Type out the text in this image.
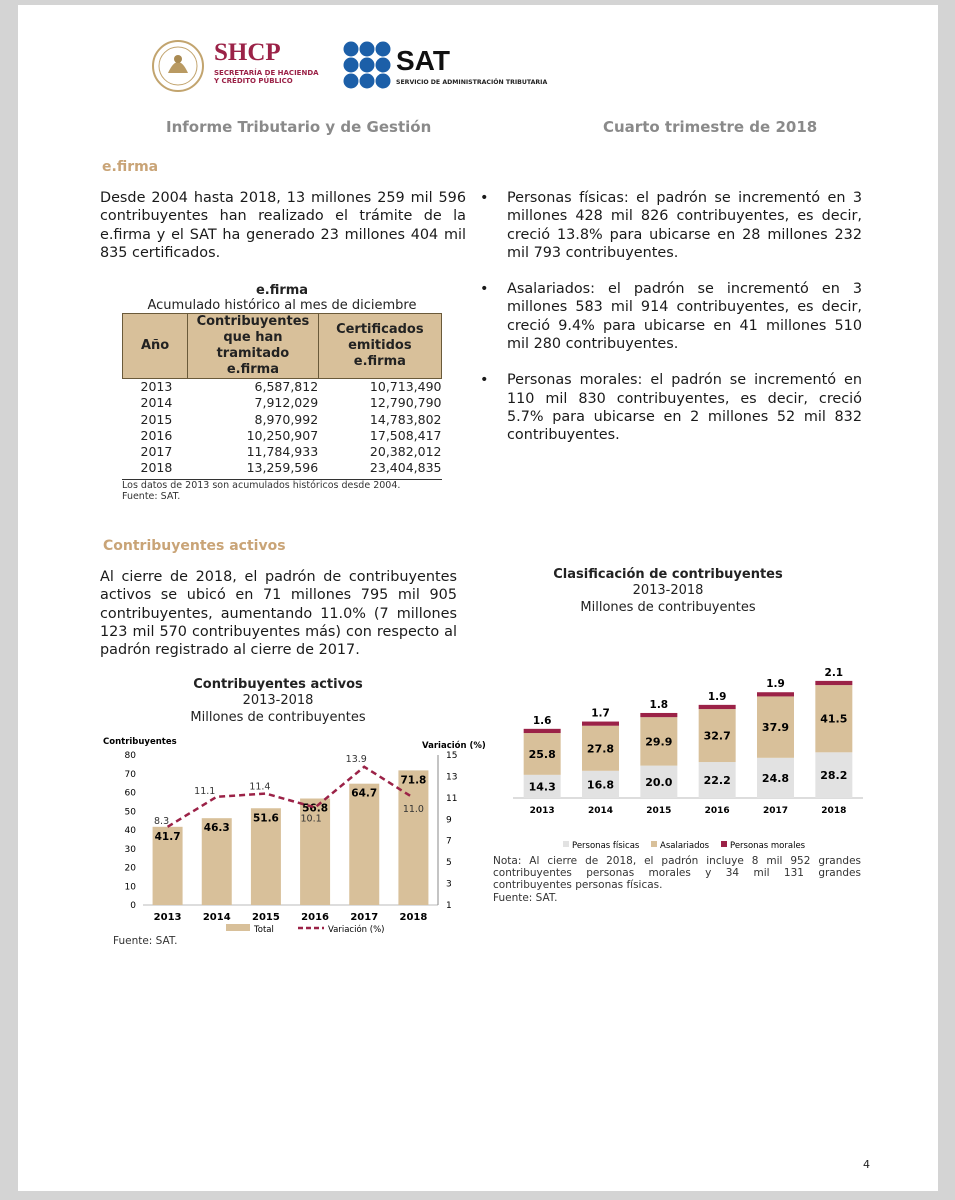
SHCP
SECRETARÍA DE HACIENDA Y CRÉDITO PÚBLICO
SAT
SERVICIO DE ADMINISTRACIÓN TRIBUTARIA
Informe Tributario y de Gestión	Cuarto trimestre de 2018
e.firma
Desde 2004 hasta 2018, 13 millones 259 mil 596 contribuyentes han realizado el trámite de la e.firma y el SAT ha generado 23 millones 404 mil 835 certificados.
e.firma
Acumulado histórico al mes de diciembre
Año	Contribuyentes que han tramitado e.firma	Certificados emitidos e.firma
2013	6,587,812	10,713,490
2014	7,912,029	12,790,790
2015	8,970,992	14,783,802
2016	10,250,907	17,508,417
2017	11,784,933	20,382,012
2018	13,259,596	23,404,835
Los datos de 2013 son acumulados históricos desde 2004.
Fuente: SAT.
• Personas físicas: el padrón se incrementó en 3 millones 428 mil 826 contribuyentes, es decir, creció 13.8% para ubicarse en 28 millones 232 mil 793 contribuyentes.
• Asalariados: el padrón se incrementó en 3 millones 583 mil 914 contribuyentes, es decir, creció 9.4% para ubicarse en 41 millones 510 mil 280 contribuyentes.
• Personas morales: el padrón se incrementó en 110 mil 830 contribuyentes, es decir, creció 5.7% para ubicarse en 2 millones 52 mil 832 contribuyentes.
Contribuyentes activos
Al cierre de 2018, el padrón de contribuyentes activos se ubicó en 71 millones 795 mil 905 contribuyentes, aumentando 11.0% (7 millones 123 mil 570 contribuyentes más) con respecto al padrón registrado al cierre de 2017.
Contribuyentes activos
2013-2018
Millones de contribuyentes
Contribuyentes	Variación (%)
0
10
20
30
40
50
60
70
80
1
3
5
7
9
11
13
15
41.7
2013
46.3
2014
51.6
2015
56.8
2016
64.7
2017
71.8
2018
8.3
11.1	11.4
10.1
13.9
11.0
Total	Variación (%)
Fuente: SAT.
Clasificación de contribuyentes
2013-2018
Millones de contribuyentes
14.3
25.8
1.6
2013
16.8
27.8
1.7
2014
20.0
29.9
1.8
2015
22.2
32.7
1.9
2016
24.8
37.9
1.9
2017
28.2
41.5
2.1
2018
Personas físicas Asalariados Personas morales
Nota: Al cierre de 2018, el padrón incluye 8 mil 952 grandes contribuyentes personas morales y 34 mil 131 grandes contribuyentes personas físicas.
Fuente: SAT.
4
